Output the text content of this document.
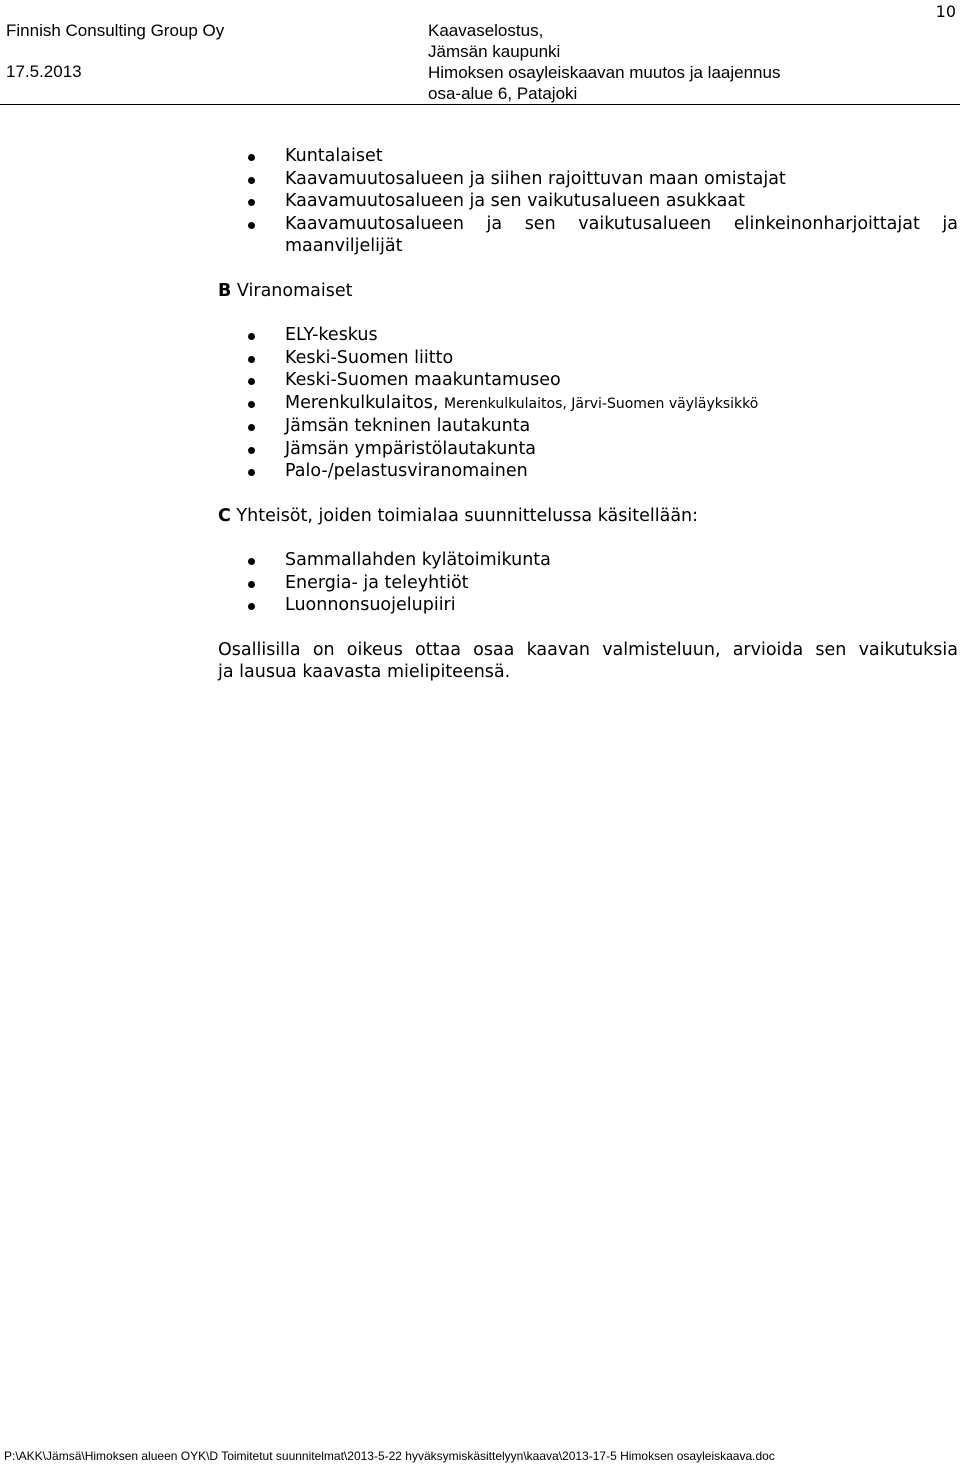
10
Finnish Consulting Group Oy
17.5.2013
Kaavaselostus,
Jämsän kaupunki
Himoksen osayleiskaavan muutos ja laajennus
osa-alue 6, Patajoki
Kuntalaiset
Kaavamuutosalueen ja siihen rajoittuvan maan omistajat
Kaavamuutosalueen ja sen vaikutusalueen asukkaat
Kaavamuutosalueen ja sen vaikutusalueen elinkeinonharjoittajat ja
maanviljelijät
B Viranomaiset
ELY-keskus
Keski-Suomen liitto
Keski-Suomen maakuntamuseo
Merenkulkulaitos, Merenkulkulaitos, Järvi-Suomen väyläyksikkö
Jämsän tekninen lautakunta
Jämsän ympäristölautakunta
Palo-/pelastusviranomainen
C Yhteisöt, joiden toimialaa suunnittelussa käsitellään:
Sammallahden kylätoimikunta
Energia- ja teleyhtiöt
Luonnonsuojelupiiri
Osallisilla on oikeus ottaa osaa kaavan valmisteluun, arvioida sen vaikutuksia
ja lausua kaavasta mielipiteensä.
P:\AKK\Jämsä\Himoksen alueen OYK\D Toimitetut suunnitelmat\2013-5-22 hyväksymiskäsittelyyn\kaava\2013-17-5 Himoksen osayleiskaava.doc
